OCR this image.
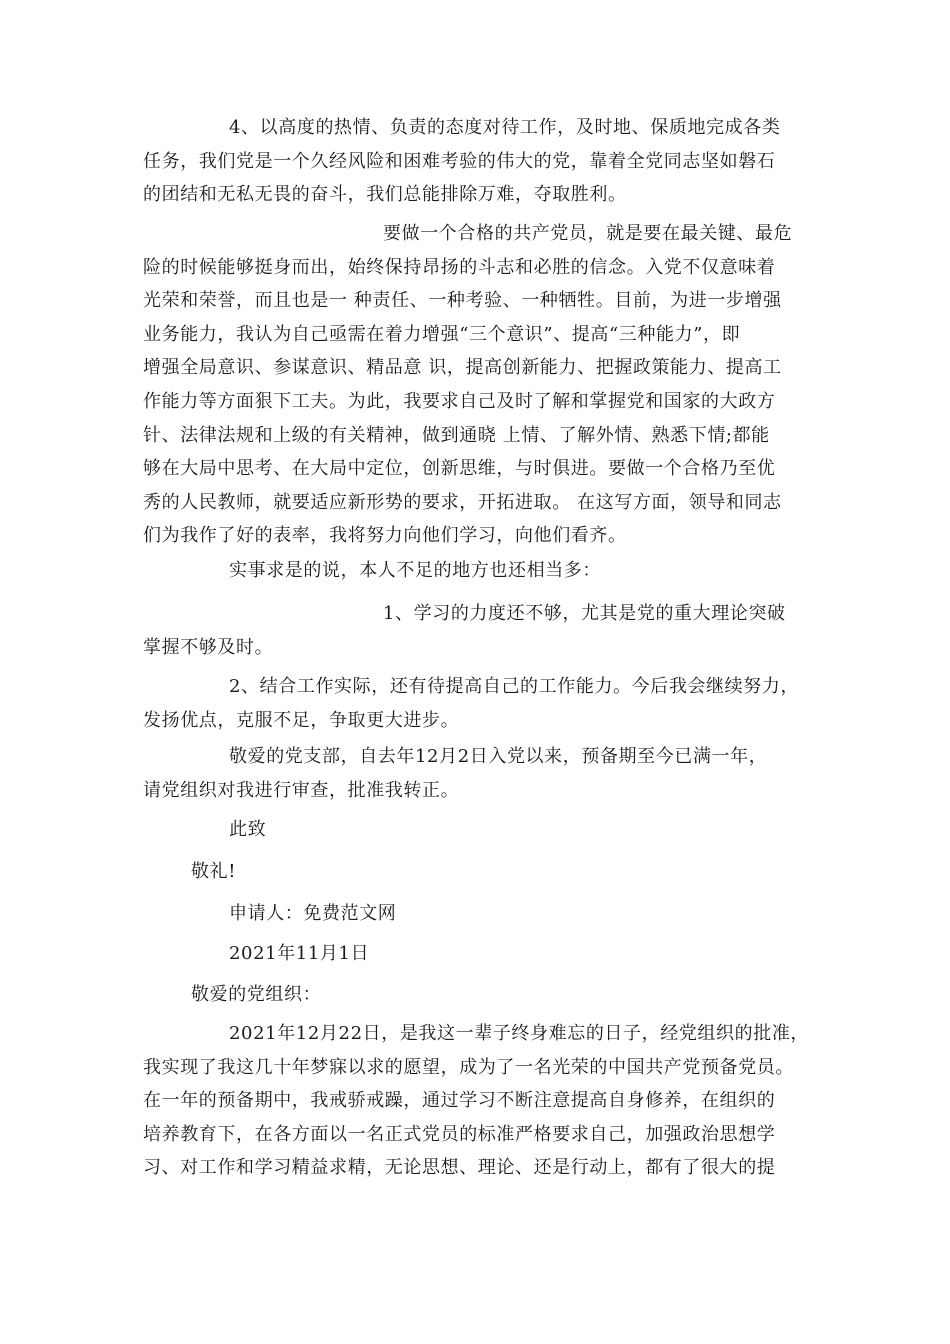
4、以高度的热情、负责的态度对待工作，及时地、保质地完成各类
任务，我们党是一个久经风险和困难考验的伟大的党，靠着全党同志坚如磐石
的团结和无私无畏的奋斗，我们总能排除万难，夺取胜利。
要做一个合格的共产党员，就是要在最关键、最危
险的时候能够挺身而出，始终保持昂扬的斗志和必胜的信念。入党不仅意味着
光荣和荣誉，而且也是一 种责任、一种考验、一种牺牲。目前，为进一步增强
业务能力，我认为自己亟需在着力增强“三个意识”、提高“三种能力”，即
增强全局意识、参谋意识、精品意 识，提高创新能力、把握政策能力、提高工
作能力等方面狠下工夫。为此，我要求自己及时了解和掌握党和国家的大政方
针、法律法规和上级的有关精神，做到通晓 上情、了解外情、熟悉下情;都能
够在大局中思考、在大局中定位，创新思维，与时俱进。要做一个合格乃至优
秀的人民教师，就要适应新形势的要求，开拓进取。 在这写方面，领导和同志
们为我作了好的表率，我将努力向他们学习，向他们看齐。
实事求是的说，本人不足的地方也还相当多：
1、学习的力度还不够，尤其是党的重大理论突破
掌握不够及时。
2、结合工作实际，还有待提高自己的工作能力。今后我会继续努力，
发扬优点，克服不足，争取更大进步。
敬爱的党支部，自去年12月2日入党以来，预备期至今已满一年，
请党组织对我进行审查，批准我转正。
此致
敬礼!
申请人：免费范文网
2021年11月1日
敬爱的党组织：
2021年12月22日，是我这一辈子终身难忘的日子，经党组织的批准，
我实现了我这几十年梦寐以求的愿望，成为了一名光荣的中国共产党预备党员。
在一年的预备期中，我戒骄戒躁，通过学习不断注意提高自身修养，在组织的
培养教育下，在各方面以一名正式党员的标准严格要求自己，加强政治思想学
习、对工作和学习精益求精，无论思想、理论、还是行动上，都有了很大的提
